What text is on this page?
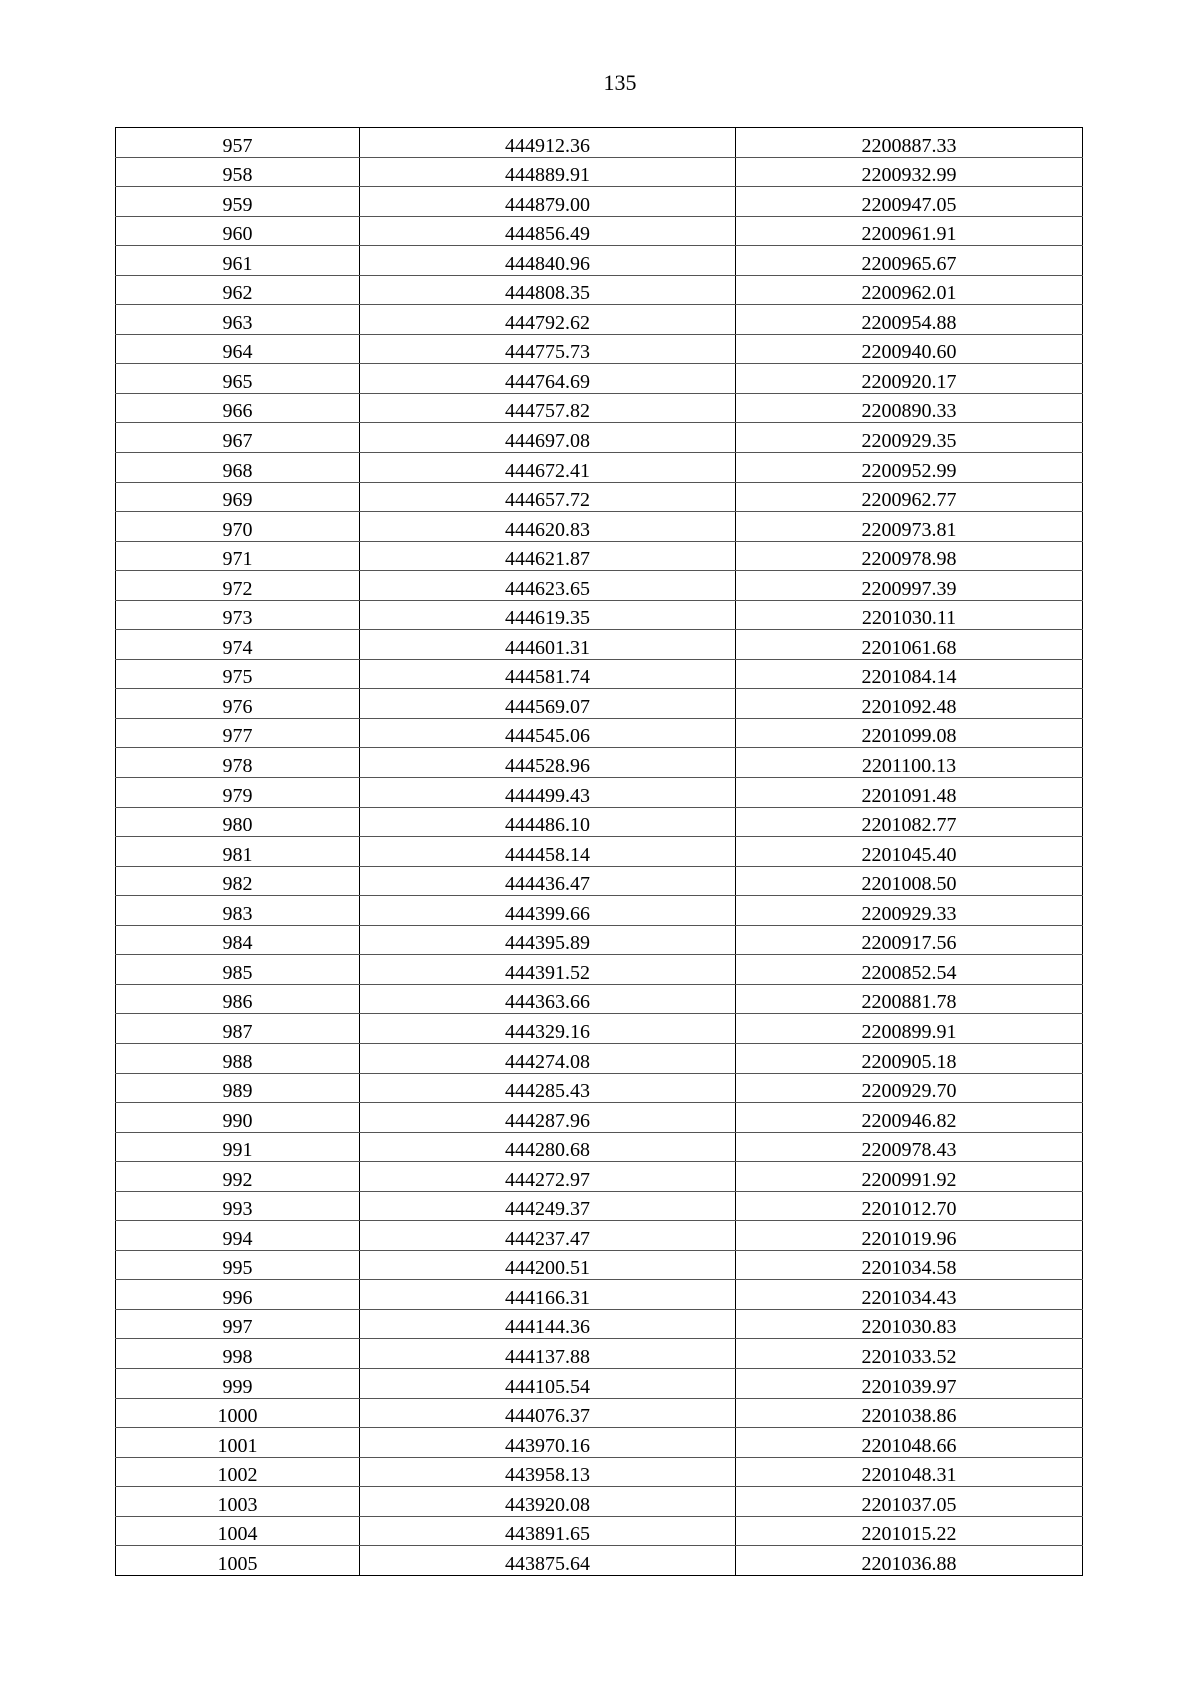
135
957	444912.36	2200887.33
958	444889.91	2200932.99
959	444879.00	2200947.05
960	444856.49	2200961.91
961	444840.96	2200965.67
962	444808.35	2200962.01
963	444792.62	2200954.88
964	444775.73	2200940.60
965	444764.69	2200920.17
966	444757.82	2200890.33
967	444697.08	2200929.35
968	444672.41	2200952.99
969	444657.72	2200962.77
970	444620.83	2200973.81
971	444621.87	2200978.98
972	444623.65	2200997.39
973	444619.35	2201030.11
974	444601.31	2201061.68
975	444581.74	2201084.14
976	444569.07	2201092.48
977	444545.06	2201099.08
978	444528.96	2201100.13
979	444499.43	2201091.48
980	444486.10	2201082.77
981	444458.14	2201045.40
982	444436.47	2201008.50
983	444399.66	2200929.33
984	444395.89	2200917.56
985	444391.52	2200852.54
986	444363.66	2200881.78
987	444329.16	2200899.91
988	444274.08	2200905.18
989	444285.43	2200929.70
990	444287.96	2200946.82
991	444280.68	2200978.43
992	444272.97	2200991.92
993	444249.37	2201012.70
994	444237.47	2201019.96
995	444200.51	2201034.58
996	444166.31	2201034.43
997	444144.36	2201030.83
998	444137.88	2201033.52
999	444105.54	2201039.97
1000	444076.37	2201038.86
1001	443970.16	2201048.66
1002	443958.13	2201048.31
1003	443920.08	2201037.05
1004	443891.65	2201015.22
1005	443875.64	2201036.88
